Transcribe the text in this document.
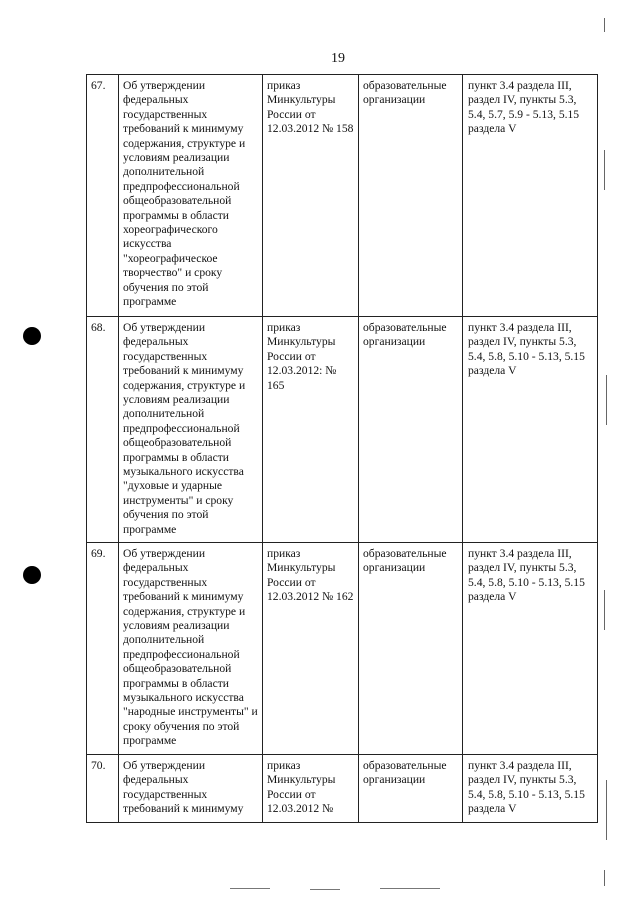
19
67.	Об утверждении федеральных государственных требований к минимуму содержания, структуре и условиям реализации дополнительной предпрофессиональной общеобразовательной программы в области хореографического искусства "хореографическое творчество" и сроку обучения по этой программе	приказ Минкультуры России от 12.03.2012 № 158	образовательные организации	пункт 3.4 раздела III, раздел IV, пункты 5.3, 5.4, 5.7, 5.9 - 5.13, 5.15 раздела V
68.	Об утверждении федеральных государственных требований к минимуму содержания, структуре и условиям реализации дополнительной предпрофессиональной общеобразовательной программы в области музыкального искусства "духовые и ударные инструменты" и сроку обучения по этой программе	приказ Минкультуры России от 12.03.2012: № 165	образовательные организации	пункт 3.4 раздела III, раздел IV, пункты 5.3, 5.4, 5.8, 5.10 - 5.13, 5.15 раздела V
69.	Об утверждении федеральных государственных требований к минимуму содержания, структуре и условиям реализации дополнительной предпрофессиональной общеобразовательной программы в области музыкального искусства "народные инструменты" и сроку обучения по этой программе	приказ Минкультуры России от 12.03.2012 № 162	образовательные организации	пункт 3.4 раздела III, раздел IV, пункты 5.3, 5.4, 5.8, 5.10 - 5.13, 5.15 раздела V
70.	Об утверждении федеральных государственных требований к минимуму	приказ Минкультуры России от 12.03.2012 №	образовательные организации	пункт 3.4 раздела III, раздел IV, пункты 5.3, 5.4, 5.8, 5.10 - 5.13, 5.15 раздела V
